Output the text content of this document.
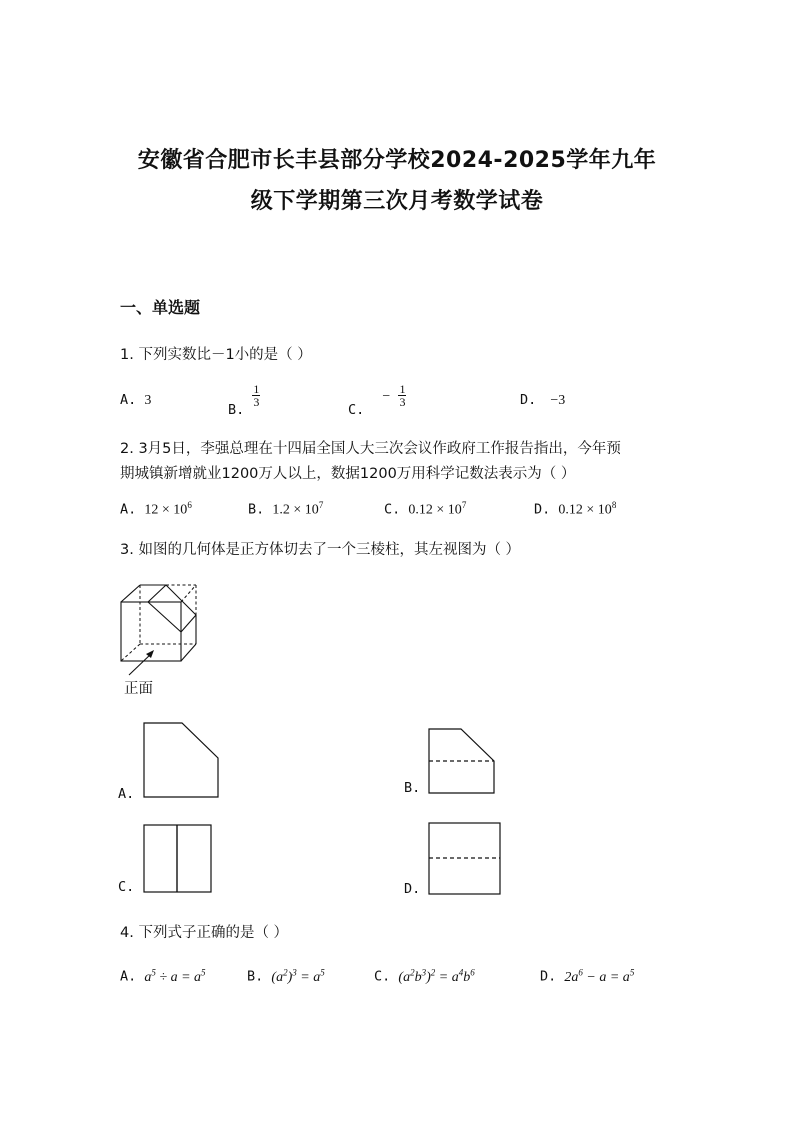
安徽省合肥市长丰县部分学校2024-2025学年九年
级下学期第三次月考数学试卷
一、单选题
1. 下列实数比－1小的是（ ）
A. 3
B.
$\frac{1}{3}$
C. − $\frac{1}{3}$	D. −3
2. 3月5日，李强总理在十四届全国人大三次会议作政府工作报告指出，今年预
期城镇新增就业1200万人以上，数据1200万用科学记数法表示为（ ）
A. $12 \times 10^6$	B. $1.2 \times 10^7$	C. $0.12 \times 10^7$	D. $0.12 \times 10^8$
3. 如图的几何体是正方体切去了一个三棱柱，其左视图为（ ）
正面
A.	B.
C.	D.
4. 下列式子正确的是（ ）
A. $a^5 \div a = a^5$	B. $(a^2)^3 = a^5$	C. $(a^2b^3)^2 = a^4b^6$	D. $2a^6 - a = a^5$
